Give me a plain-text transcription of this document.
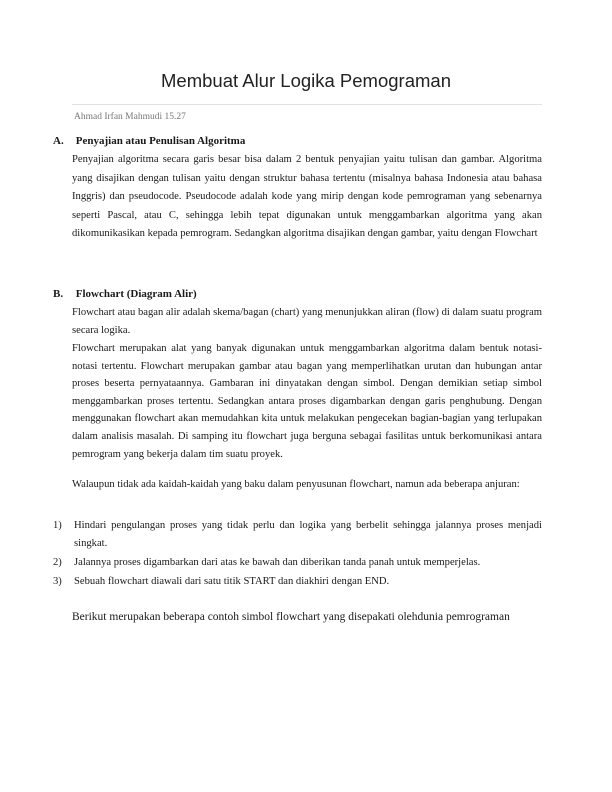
Membuat Alur Logika Pemograman
Ahmad Irfan Mahmudi 15.27
A. Penyajian atau Penulisan Algoritma
Penyajian algoritma secara garis besar bisa dalam 2 bentuk penyajian yaitu tulisan dan gambar. Algoritma yang disajikan dengan tulisan yaitu dengan struktur bahasa tertentu (misalnya bahasa Indonesia atau bahasa Inggris) dan pseudocode. Pseudocode adalah kode yang mirip dengan kode pemrograman yang sebenarnya seperti Pascal, atau C, sehingga lebih tepat digunakan untuk menggambarkan algoritma yang akan dikomunikasikan kepada pemrogram. Sedangkan algoritma disajikan dengan gambar, yaitu dengan Flowchart
B. Flowchart (Diagram Alir)
Flowchart atau bagan alir adalah skema/bagan (chart) yang menunjukkan aliran (flow) di dalam suatu program secara logika.
Flowchart merupakan alat yang banyak digunakan untuk menggambarkan algoritma dalam bentuk notasi-notasi tertentu. Flowchart merupakan gambar atau bagan yang memperlihatkan urutan dan hubungan antar proses beserta pernyataannya. Gambaran ini dinyatakan dengan simbol. Dengan demikian setiap simbol menggambarkan proses tertentu. Sedangkan antara proses digambarkan dengan garis penghubung. Dengan menggunakan flowchart akan memudahkan kita untuk melakukan pengecekan bagian-bagian yang terlupakan dalam analisis masalah. Di samping itu flowchart juga berguna sebagai fasilitas untuk berkomunikasi antara pemrogram yang bekerja dalam tim suatu proyek.
Walaupun tidak ada kaidah-kaidah yang baku dalam penyusunan flowchart, namun ada beberapa anjuran:
1) Hindari pengulangan proses yang tidak perlu dan logika yang berbelit sehingga jalannya proses menjadi singkat.
2) Jalannya proses digambarkan dari atas ke bawah dan diberikan tanda panah untuk memperjelas.
3) Sebuah flowchart diawali dari satu titik START dan diakhiri dengan END.
Berikut merupakan beberapa contoh simbol flowchart yang disepakati olehdunia pemrograman
